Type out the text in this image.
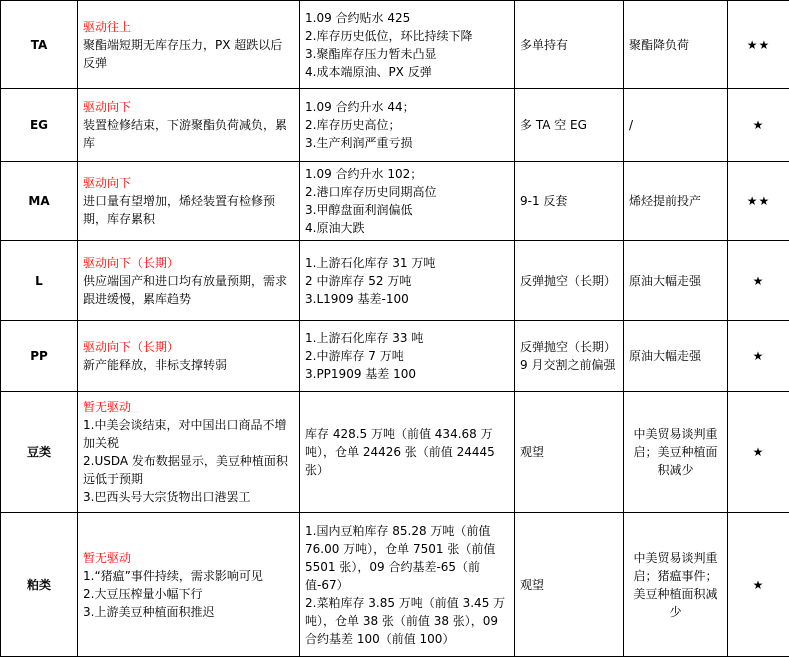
TA	驱动往上
聚酯端短期无库存压力，PX 超跌以后反弹	1.09 合约贴水 425
2.库存历史低位，环比持续下降
3.聚酯库存压力暂未凸显
4.成本端原油、PX 反弹	多单持有	聚酯降负荷	★★
EG	驱动向下
装置检修结束，下游聚酯负荷减负，累库	1.09 合约升水 44；
2.库存历史高位；
3.生产利润严重亏损	多 TA 空 EG	/	★
MA	驱动向下
进口量有望增加，烯烃装置有检修预期，库存累积	1.09 合约升水 102；
2.港口库存历史同期高位
3.甲醇盘面利润偏低
4.原油大跌	9-1 反套	烯烃提前投产	★★
L	驱动向下（长期）
供应端国产和进口均有放量预期，需求跟进缓慢，累库趋势	1.上游石化库存 31 万吨
2 中游库存 52 万吨
3.L1909 基差-100	反弹抛空（长期）	原油大幅走强	★
PP	驱动向下（长期）
新产能释放，非标支撑转弱	1.上游石化库存 33 吨
2.中游库存 7 万吨
3.PP1909 基差 100	反弹抛空（长期）9 月交割之前偏强	原油大幅走强	★
豆类	暂无驱动
1.中美会谈结束，对中国出口商品不增加关税
2.USDA 发布数据显示，美豆种植面积远低于预期
3.巴西头号大宗货物出口港罢工	库存 428.5 万吨（前值 434.68 万吨），仓单 24426 张（前值 24445 张）	观望	中美贸易谈判重启；美豆种植面积减少	★
粕类	暂无驱动
1.“猪瘟”事件持续，需求影响可见
2.大豆压榨量小幅下行
3.上游美豆种植面积推迟	1.国内豆粕库存 85.28 万吨（前值 76.00 万吨），仓单 7501 张（前值 5501 张），09 合约基差-65（前值-67）
2.菜粕库存 3.85 万吨（前值 3.45 万吨），仓单 38 张（前值 38 张），09 合约基差 100（前值 100）	观望	中美贸易谈判重启；猪瘟事件；美豆种植面积减少	★
